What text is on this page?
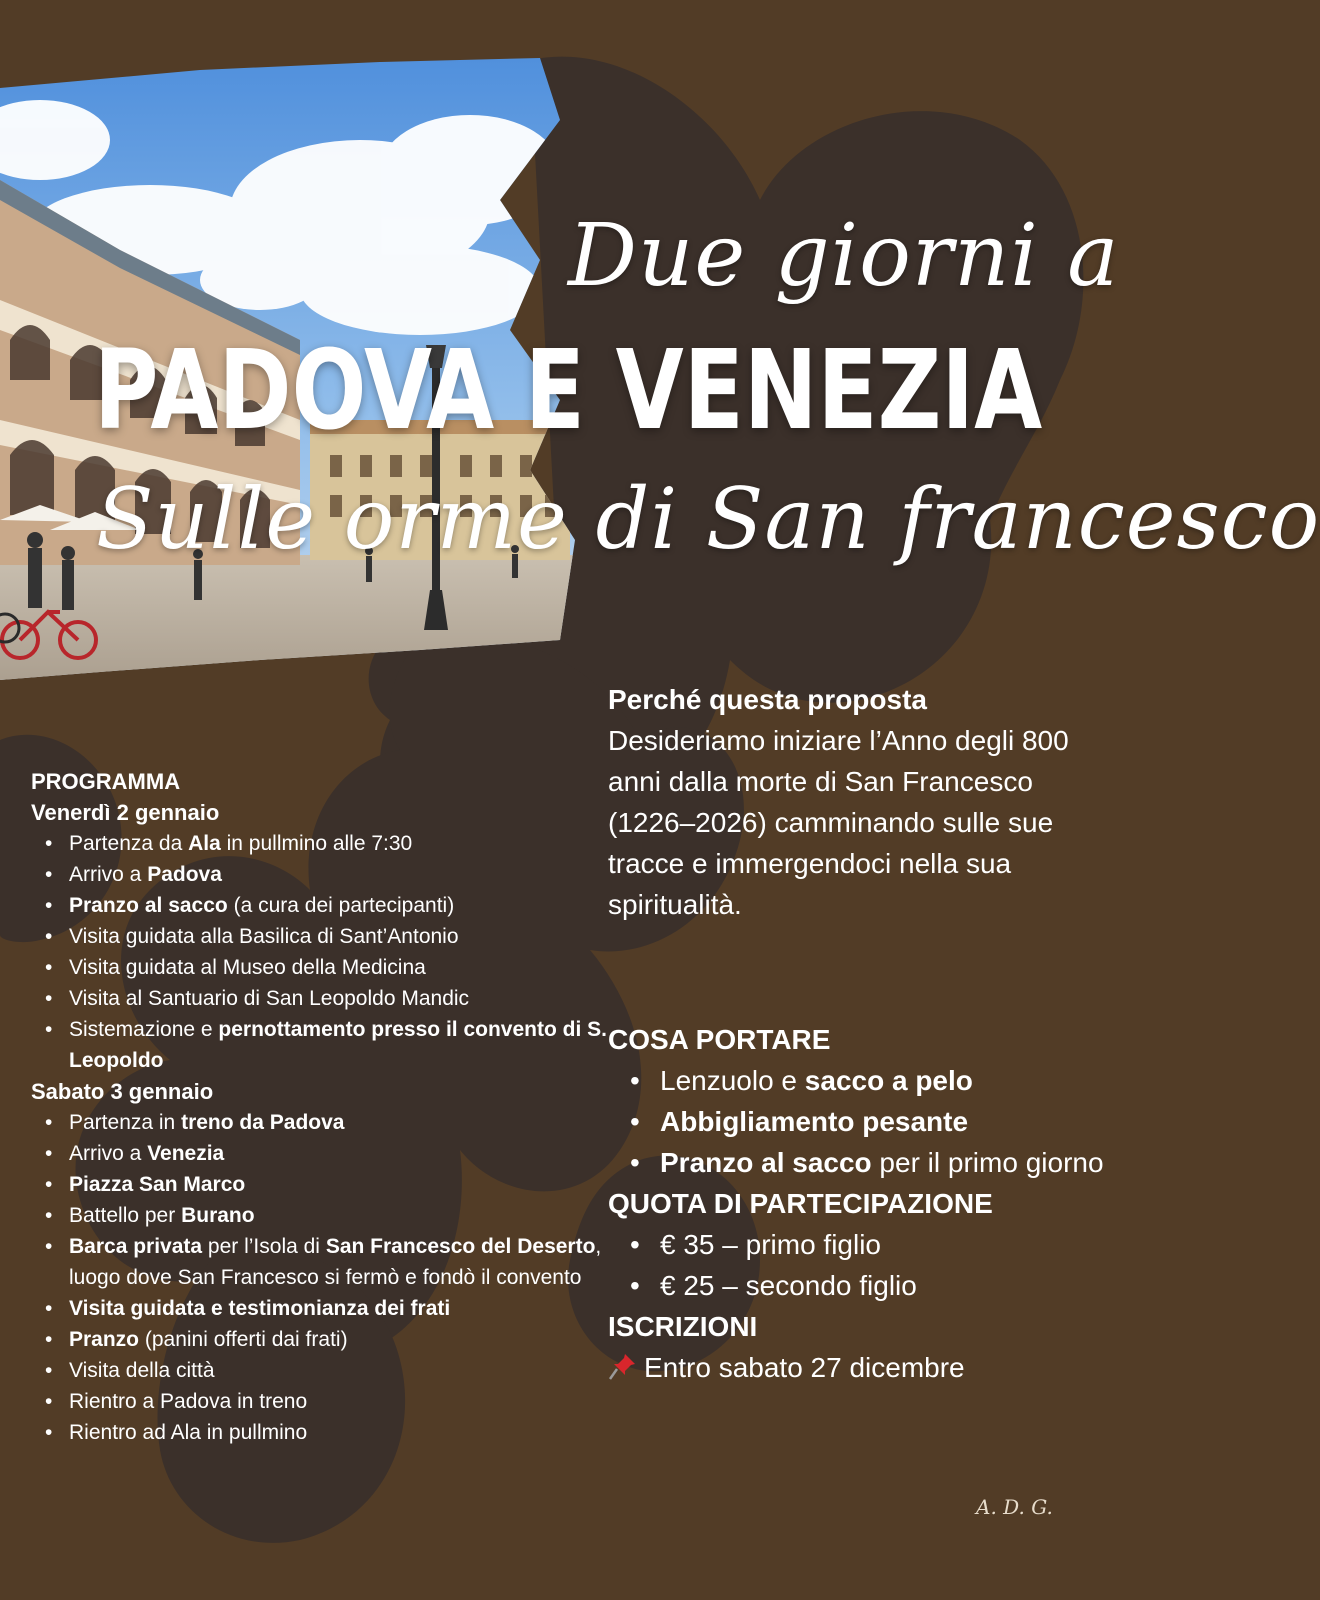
Due giorni a
PADOVA E VENEZIA
Sulle orme di San francesco
PROGRAMMA
Venerdì 2 gennaio
• Partenza da Ala in pullmino alle 7:30
• Arrivo a Padova
• Pranzo al sacco (a cura dei partecipanti)
• Visita guidata alla Basilica di Sant’Antonio
• Visita guidata al Museo della Medicina
• Visita al Santuario di San Leopoldo Mandic
• Sistemazione e pernottamento presso il convento di S. Leopoldo
Sabato 3 gennaio
• Partenza in treno da Padova
• Arrivo a Venezia
• Piazza San Marco
• Battello per Burano
• Barca privata per l’Isola di San Francesco del Deserto, luogo dove San Francesco si fermò e fondò il convento
• Visita guidata e testimonianza dei frati
• Pranzo (panini offerti dai frati)
• Visita della città
• Rientro a Padova in treno
• Rientro ad Ala in pullmino
Perché questa proposta
Desideriamo iniziare l’Anno degli 800 anni dalla morte di San Francesco (1226–2026) camminando sulle sue tracce e immergendoci nella sua spiritualità.
COSA PORTARE
• Lenzuolo e sacco a pelo
• Abbigliamento pesante
• Pranzo al sacco per il primo giorno
QUOTA DI PARTECIPAZIONE
• € 35 – primo figlio
• € 25 – secondo figlio
ISCRIZIONI
Entro sabato 27 dicembre
A. D. G.
